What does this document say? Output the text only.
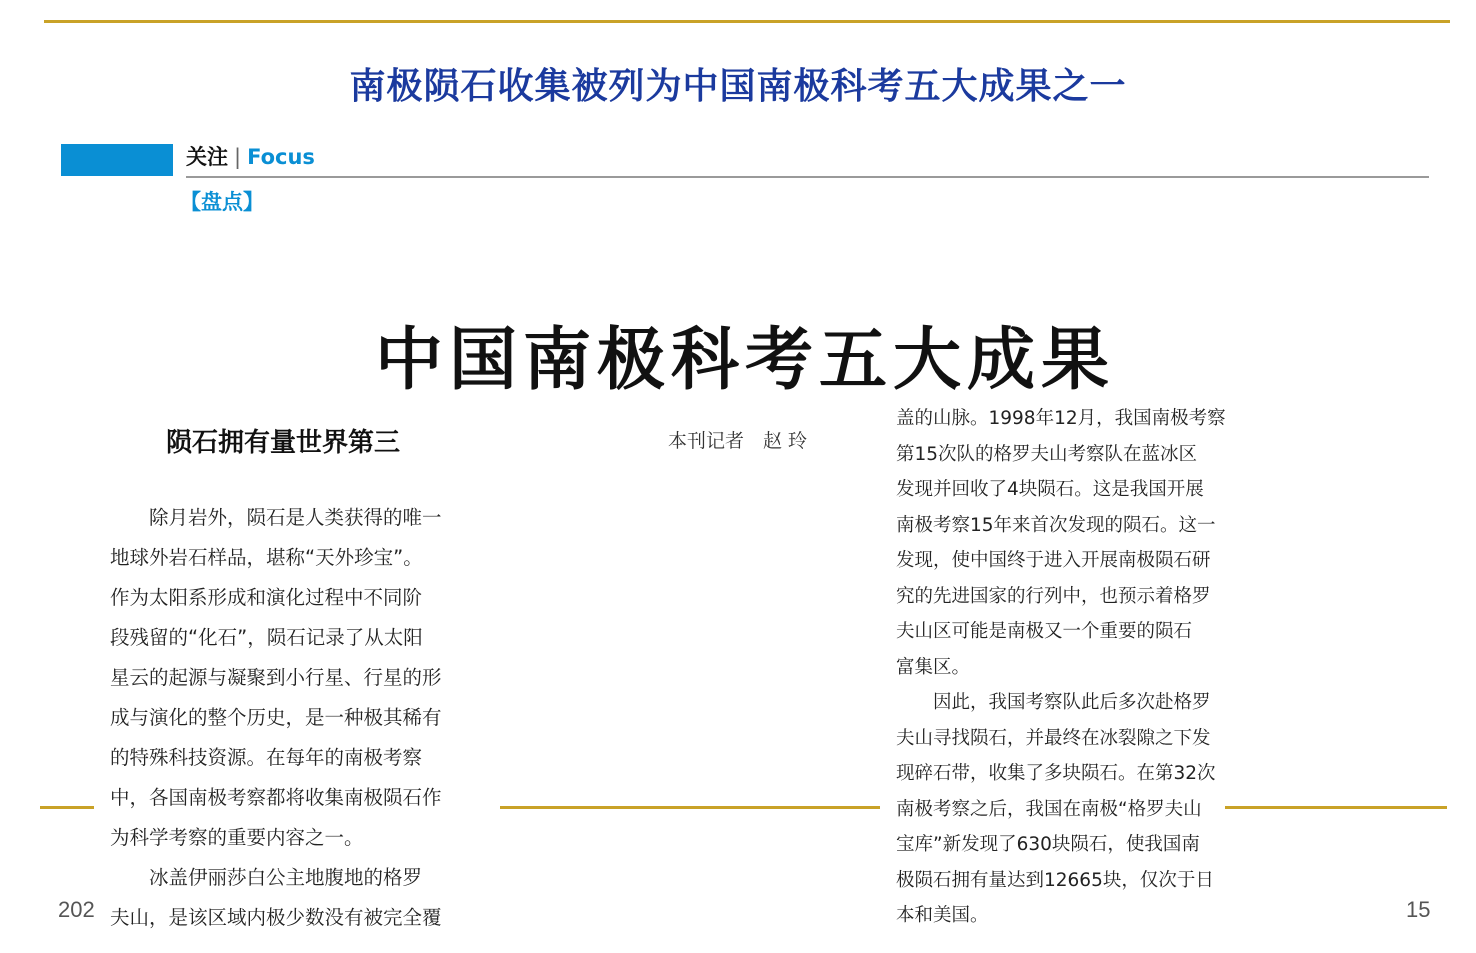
南极陨石收集被列为中国南极科考五大成果之一
关注 | Focus
【盘点】
中国南极科考五大成果
陨石拥有量世界第三	本刊记者　赵 玲
除月岩外，陨石是人类获得的唯一
地球外岩石样品，堪称“天外珍宝”。
作为太阳系形成和演化过程中不同阶
段残留的“化石”，陨石记录了从太阳
星云的起源与凝聚到小行星、行星的形
成与演化的整个历史，是一种极其稀有
的特殊科技资源。在每年的南极考察
中，各国南极考察都将收集南极陨石作
为科学考察的重要内容之一。
冰盖伊丽莎白公主地腹地的格罗
夫山，是该区域内极少数没有被完全覆
盖的山脉。1998年12月，我国南极考察
第15次队的格罗夫山考察队在蓝冰区
发现并回收了4块陨石。这是我国开展
南极考察15年来首次发现的陨石。这一
发现，使中国终于进入开展南极陨石研
究的先进国家的行列中，也预示着格罗
夫山区可能是南极又一个重要的陨石
富集区。
因此，我国考察队此后多次赴格罗
夫山寻找陨石，并最终在冰裂隙之下发
现碎石带，收集了多块陨石。在第32次
南极考察之后，我国在南极“格罗夫山
宝库”新发现了630块陨石，使我国南
极陨石拥有量达到12665块，仅次于日
本和美国。
202	15
